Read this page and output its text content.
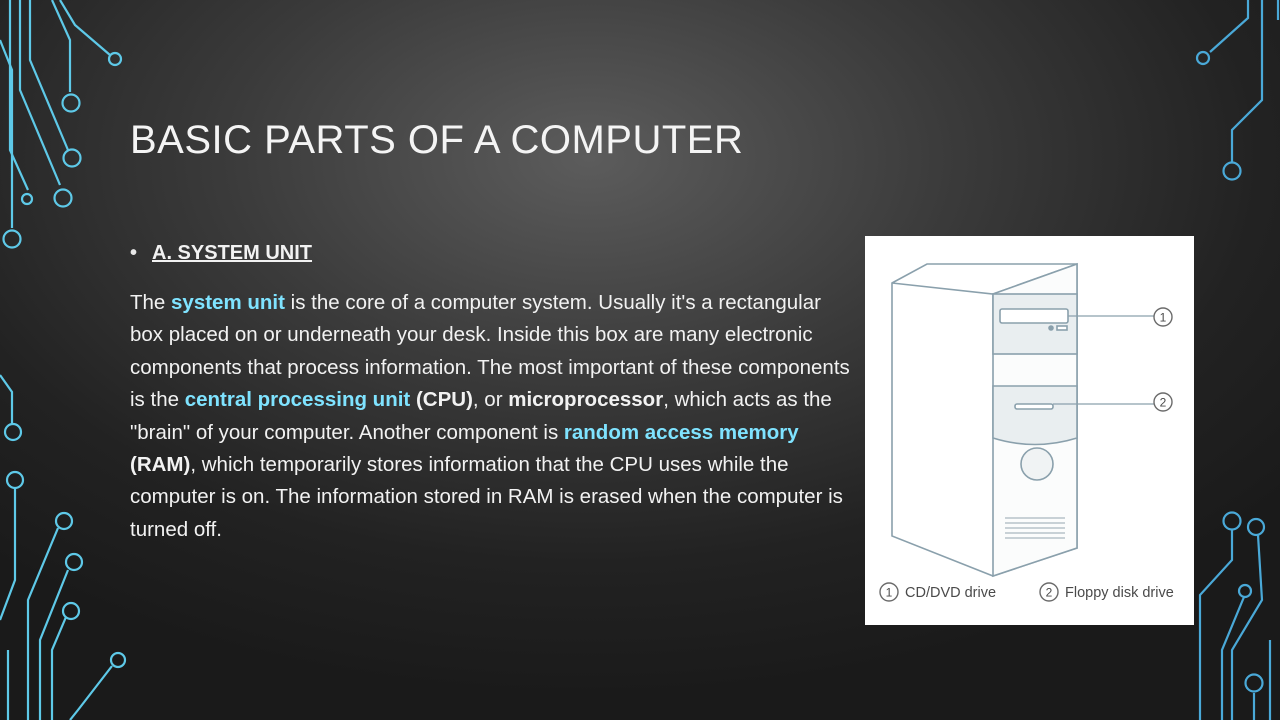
BASIC PARTS OF A COMPUTER
• A. SYSTEM UNIT

The system unit is the core of a computer system. Usually it's a rectangular box placed on or underneath your desk. Inside this box are many electronic components that process information. The most important of these components is the central processing unit (CPU), or microprocessor, which acts as the "brain" of your computer. Another component is random access memory (RAM), which temporarily stores information that the CPU uses while the computer is on. The information stored in RAM is erased when the computer is turned off.

1
2
1 CD/DVD drive	2 Floppy disk drive
